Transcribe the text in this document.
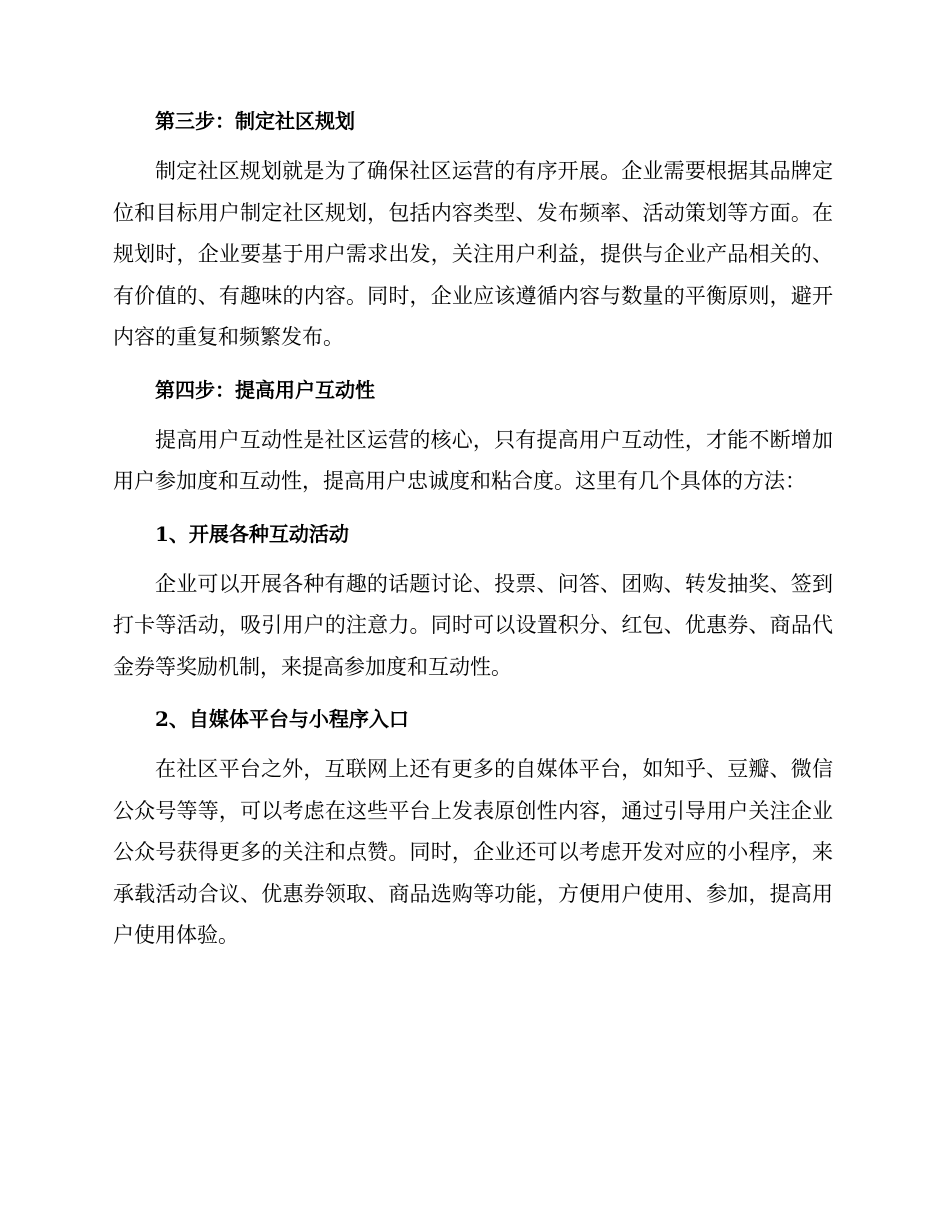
第三步：制定社区规划

制定社区规划就是为了确保社区运营的有序开展。企业需要根据其品牌定位和目标用户制定社区规划，包括内容类型、发布频率、活动策划等方面。在规划时，企业要基于用户需求出发，关注用户利益，提供与企业产品相关的、有价值的、有趣味的内容。同时，企业应该遵循内容与数量的平衡原则，避开内容的重复和频繁发布。

第四步：提高用户互动性

提高用户互动性是社区运营的核心，只有提高用户互动性，才能不断增加用户参加度和互动性，提高用户忠诚度和粘合度。这里有几个具体的方法：

1、开展各种互动活动

企业可以开展各种有趣的话题讨论、投票、问答、团购、转发抽奖、签到打卡等活动，吸引用户的注意力。同时可以设置积分、红包、优惠券、商品代金券等奖励机制，来提高参加度和互动性。

2、自媒体平台与小程序入口

在社区平台之外，互联网上还有更多的自媒体平台，如知乎、豆瓣、微信公众号等等，可以考虑在这些平台上发表原创性内容，通过引导用户关注企业公众号获得更多的关注和点赞。同时，企业还可以考虑开发对应的小程序，来承载活动合议、优惠券领取、商品选购等功能，方便用户使用、参加，提高用户使用体验。
